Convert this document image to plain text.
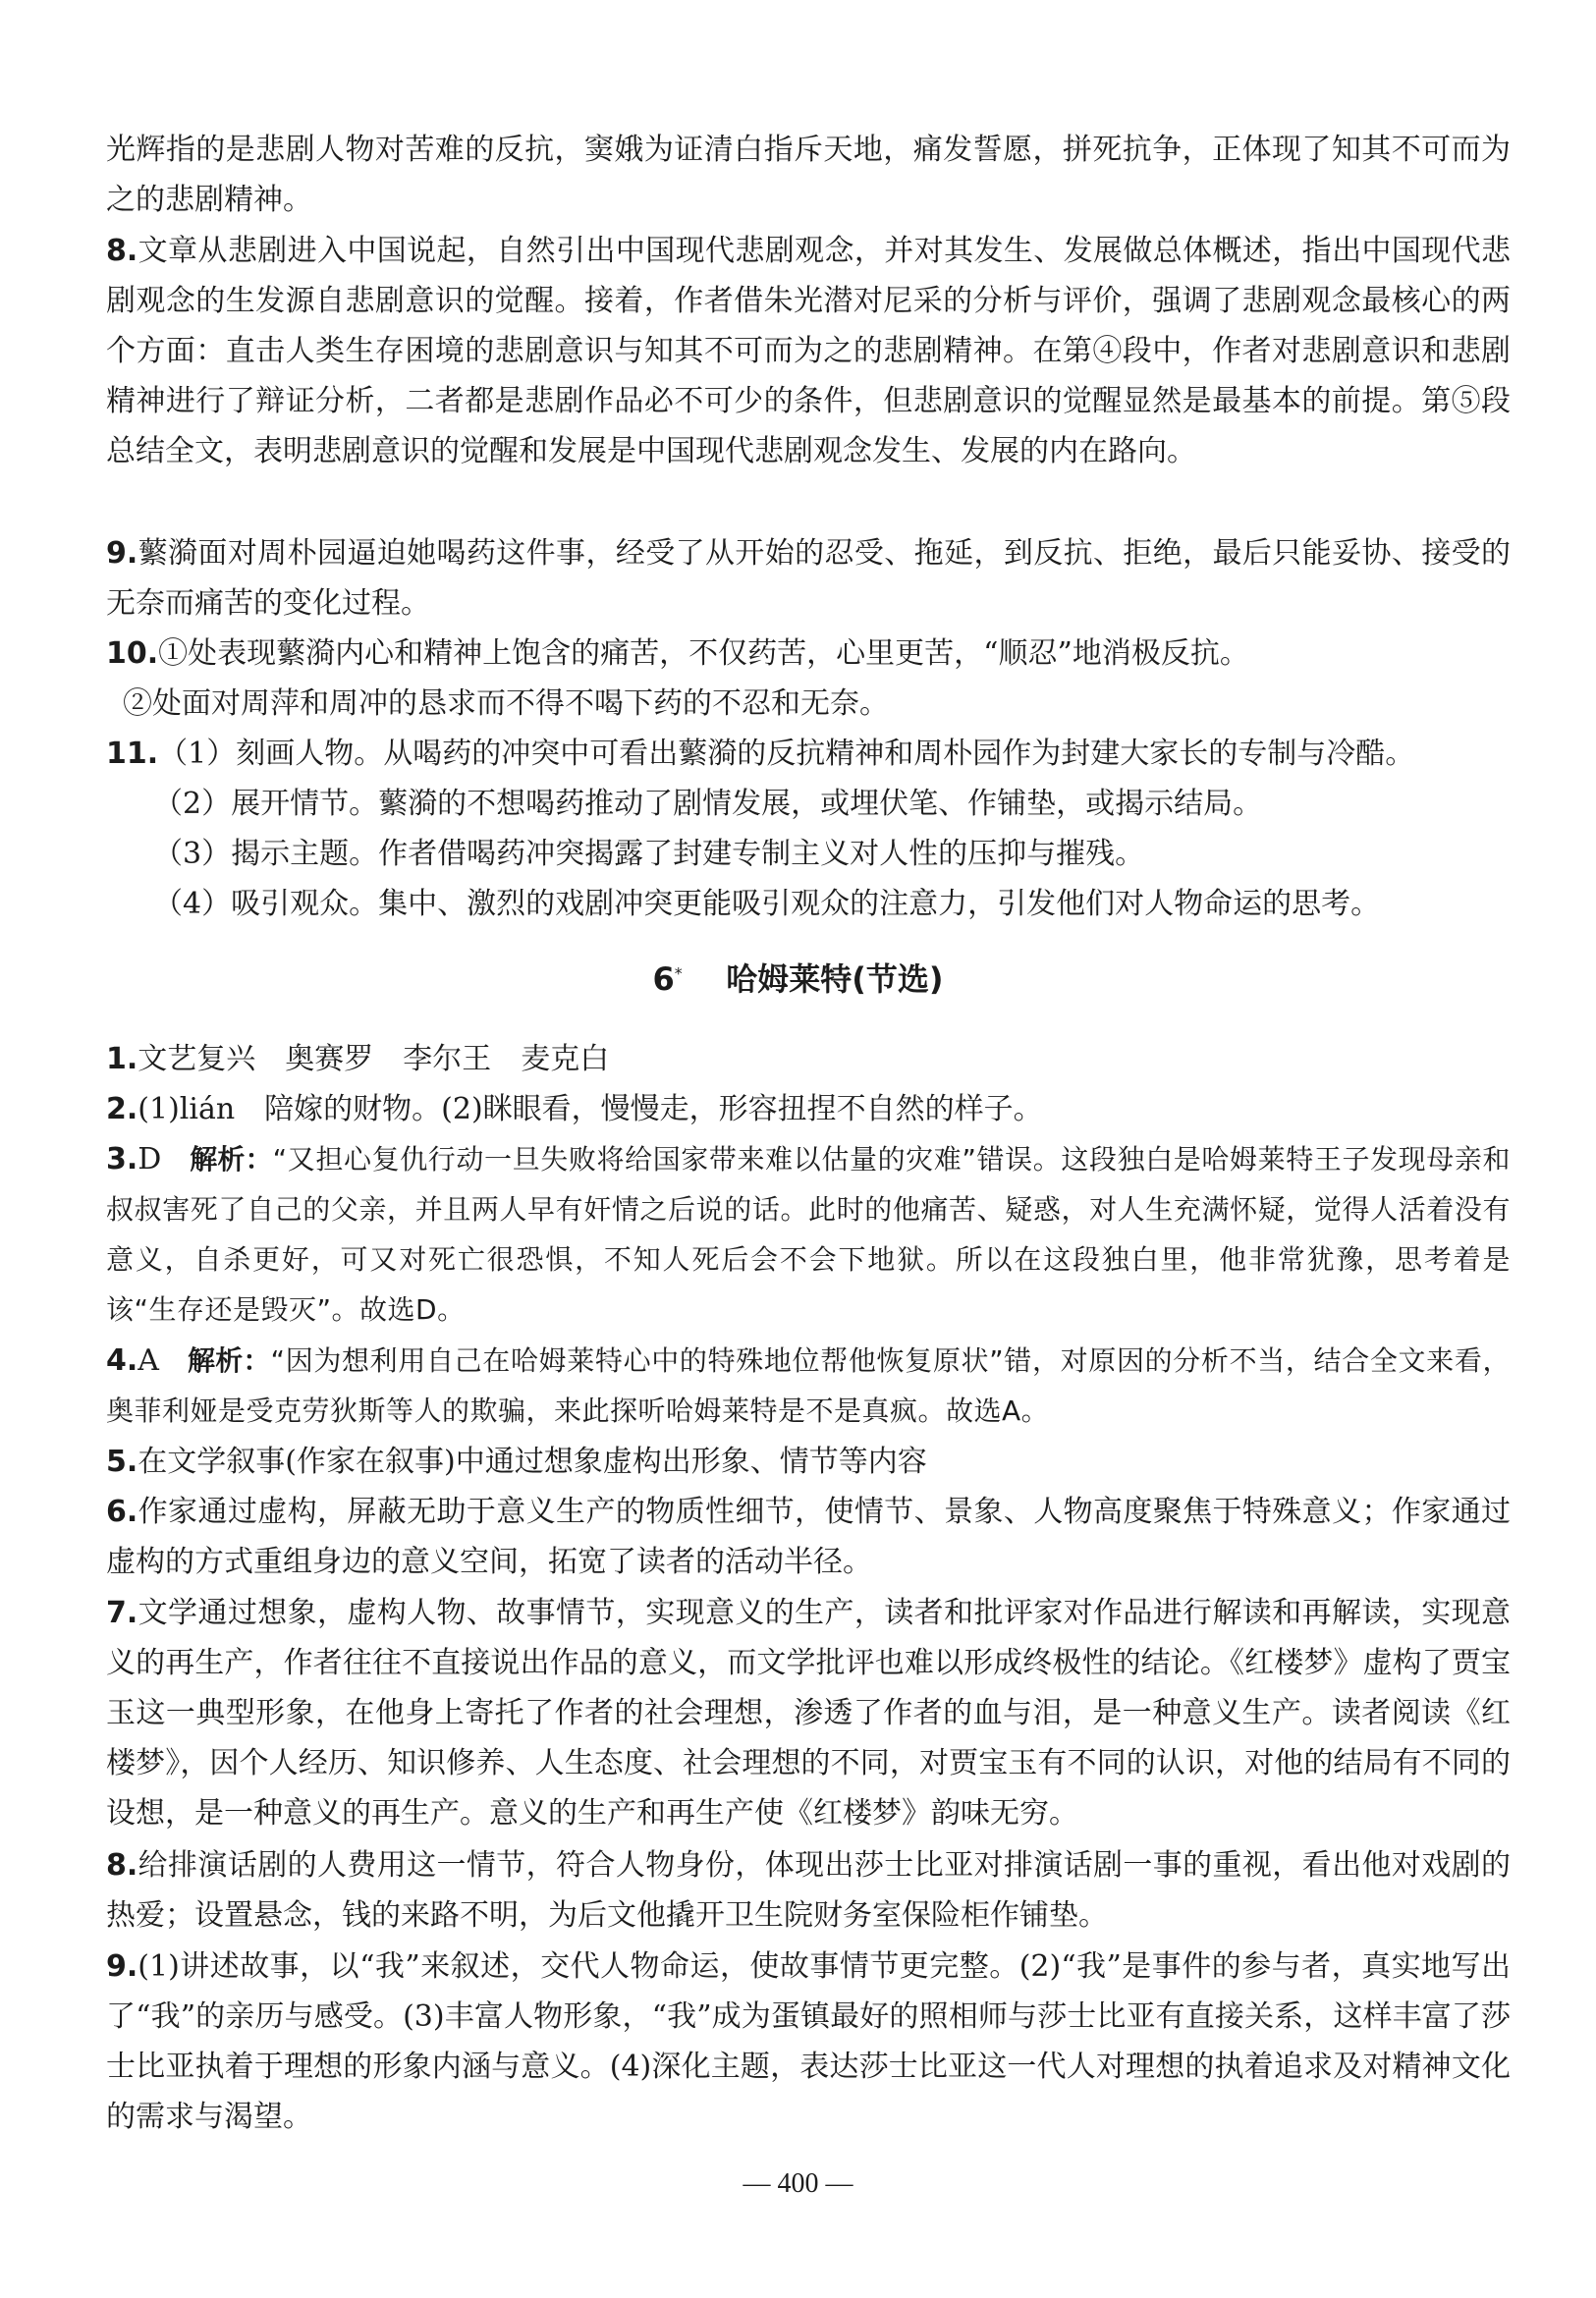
光辉指的是悲剧人物对苦难的反抗，窦娥为证清白指斥天地，痛发誓愿，拼死抗争，正体现了知其不可而为之的悲剧精神。
8.文章从悲剧进入中国说起，自然引出中国现代悲剧观念，并对其发生、发展做总体概述，指出中国现代悲剧观念的生发源自悲剧意识的觉醒。接着，作者借朱光潜对尼采的分析与评价，强调了悲剧观念最核心的两个方面：直击人类生存困境的悲剧意识与知其不可而为之的悲剧精神。在第④段中，作者对悲剧意识和悲剧精神进行了辩证分析，二者都是悲剧作品必不可少的条件，但悲剧意识的觉醒显然是最基本的前提。第⑤段总结全文，表明悲剧意识的觉醒和发展是中国现代悲剧观念发生、发展的内在路向。
9.蘩漪面对周朴园逼迫她喝药这件事，经受了从开始的忍受、拖延，到反抗、拒绝，最后只能妥协、接受的无奈而痛苦的变化过程。
10.①处表现蘩漪内心和精神上饱含的痛苦，不仅药苦，心里更苦，“顺忍”地消极反抗。
②处面对周萍和周冲的恳求而不得不喝下药的不忍和无奈。
11.（1）刻画人物。从喝药的冲突中可看出蘩漪的反抗精神和周朴园作为封建大家长的专制与冷酷。
（2）展开情节。蘩漪的不想喝药推动了剧情发展，或埋伏笔、作铺垫，或揭示结局。
（3）揭示主题。作者借喝药冲突揭露了封建专制主义对人性的压抑与摧残。
（4）吸引观众。集中、激烈的戏剧冲突更能吸引观众的注意力，引发他们对人物命运的思考。
6* 哈姆莱特(节选)
1.文艺复兴　奥赛罗　李尔王　麦克白
2.(1)lián　陪嫁的财物。(2)眯眼看，慢慢走，形容扭捏不自然的样子。
3.D 解析：“又担心复仇行动一旦失败将给国家带来难以估量的灾难”错误。这段独白是哈姆莱特王子发现母亲和叔叔害死了自己的父亲，并且两人早有奸情之后说的话。此时的他痛苦、疑惑，对人生充满怀疑，觉得人活着没有意义，自杀更好，可又对死亡很恐惧，不知人死后会不会下地狱。所以在这段独白里，他非常犹豫，思考着是该“生存还是毁灭”。故选D。
4.A 解析：“因为想利用自己在哈姆莱特心中的特殊地位帮他恢复原状”错，对原因的分析不当，结合全文来看，奥菲利娅是受克劳狄斯等人的欺骗，来此探听哈姆莱特是不是真疯。故选A。
5.在文学叙事(作家在叙事)中通过想象虚构出形象、情节等内容
6.作家通过虚构，屏蔽无助于意义生产的物质性细节，使情节、景象、人物高度聚焦于特殊意义；作家通过虚构的方式重组身边的意义空间，拓宽了读者的活动半径。
7.文学通过想象，虚构人物、故事情节，实现意义的生产，读者和批评家对作品进行解读和再解读，实现意义的再生产，作者往往不直接说出作品的意义，而文学批评也难以形成终极性的结论。《红楼梦》虚构了贾宝玉这一典型形象，在他身上寄托了作者的社会理想，渗透了作者的血与泪，是一种意义生产。读者阅读《红楼梦》，因个人经历、知识修养、人生态度、社会理想的不同，对贾宝玉有不同的认识，对他的结局有不同的设想，是一种意义的再生产。意义的生产和再生产使《红楼梦》韵味无穷。
8.给排演话剧的人费用这一情节，符合人物身份，体现出莎士比亚对排演话剧一事的重视，看出他对戏剧的热爱；设置悬念，钱的来路不明，为后文他撬开卫生院财务室保险柜作铺垫。
9.(1)讲述故事，以“我”来叙述，交代人物命运，使故事情节更完整。(2)“我”是事件的参与者，真实地写出了“我”的亲历与感受。(3)丰富人物形象，“我”成为蛋镇最好的照相师与莎士比亚有直接关系，这样丰富了莎士比亚执着于理想的形象内涵与意义。(4)深化主题，表达莎士比亚这一代人对理想的执着追求及对精神文化的需求与渴望。
— 400 —
